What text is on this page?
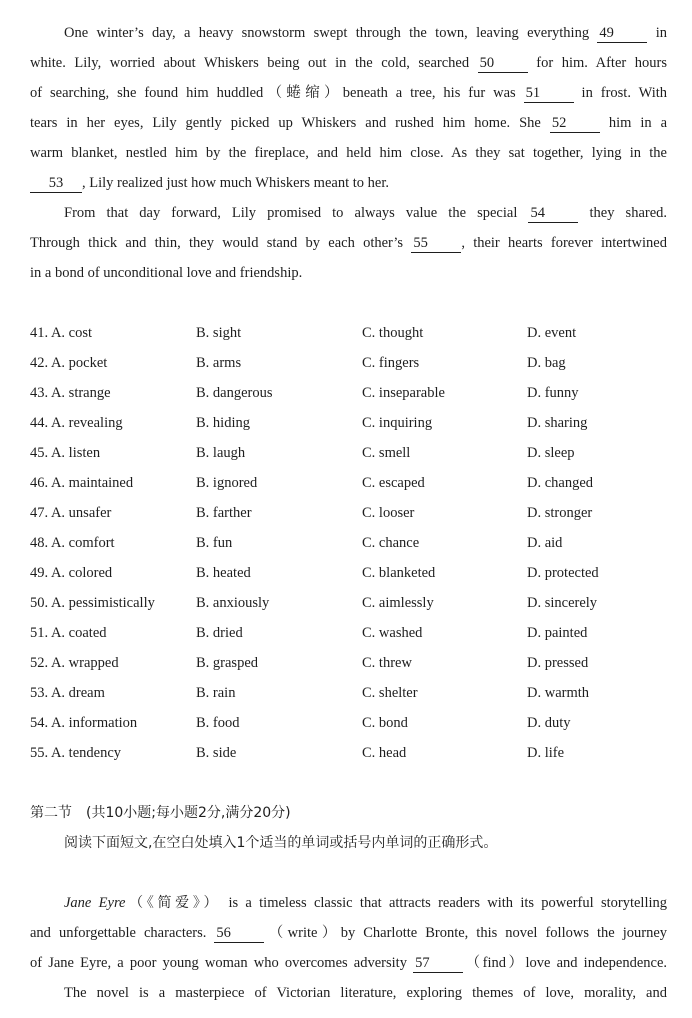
One winter’s day, a heavy snowstorm swept through the town, leaving everything 49	in
white. Lily, worried about Whiskers being out in the cold, searched 50	for him. After hours
of searching, she found him huddled（蜷缩）beneath a tree, his fur was 51	in frost. With
tears in her eyes, Lily gently picked up Whiskers and rushed him home. She 52	him in a
warm blanket, nestled him by the fireplace, and held him close. As they sat together, lying in the
53 , Lily realized just how much Whiskers meant to her.
From that day forward, Lily promised to always value the special 54	they shared.
Through thick and thin, they would stand by each other’s 55 , their hearts forever intertwined
in a bond of unconditional love and friendship.
41. A. cost	B. sight	C. thought	D. event
42. A. pocket	B. arms	C. fingers	D. bag
43. A. strange	B. dangerous	C. inseparable	D. funny
44. A. revealing	B. hiding	C. inquiring	D. sharing
45. A. listen	B. laugh	C. smell	D. sleep
46. A. maintained	B. ignored	C. escaped	D. changed
47. A. unsafer	B. farther	C. looser	D. stronger
48. A. comfort	B. fun	C. chance	D. aid
49. A. colored	B. heated	C. blanketed	D. protected
50. A. pessimistically	B. anxiously	C. aimlessly	D. sincerely
51. A. coated	B. dried	C. washed	D. painted
52. A. wrapped	B. grasped	C. threw	D. pressed
53. A. dream	B. rain	C. shelter	D. warmth
54. A. information	B. food	C. bond	D. duty
55. A. tendency	B. side	C. head	D. life
第二节　(共10小题;每小题2分,满分20分)
阅读下面短文,在空白处填入1个适当的单词或括号内单词的正确形式。
Jane Eyre（《简爱》） is a timeless classic that attracts readers with its powerful storytelling
and unforgettable characters. 56 （write）by Charlotte Bronte, this novel follows the journey
of Jane Eyre, a poor young woman who overcomes adversity 57 （find）love and independence.
The novel is a masterpiece of Victorian literature, exploring themes of love, morality, and
